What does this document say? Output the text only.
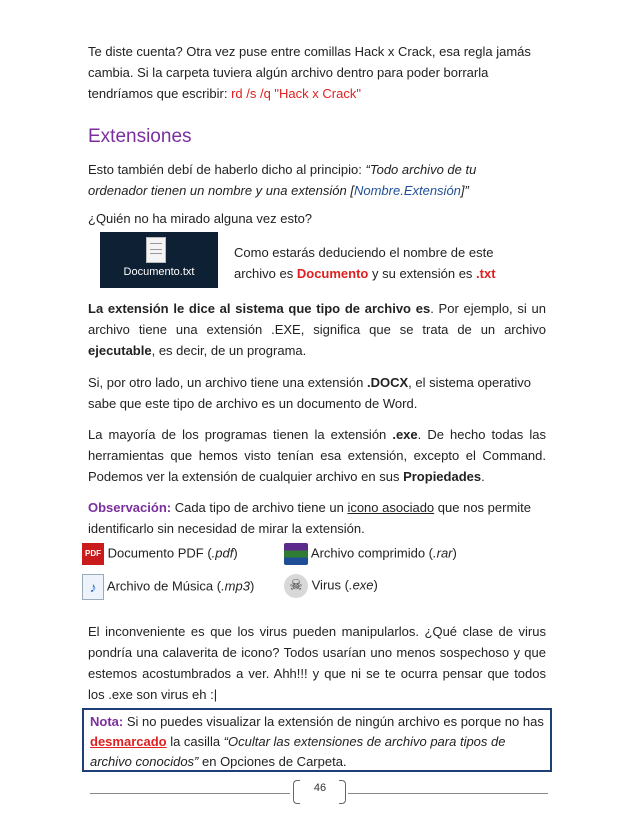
Te diste cuenta? Otra vez puse entre comillas Hack x Crack, esa regla jamás
cambia. Si la carpeta tuviera algún archivo dentro para poder borrarla
tendríamos que escribir: rd /s /q "Hack x Crack"
Extensiones
Esto también debí de haberlo dicho al principio: “Todo archivo de tu
ordenador tienen un nombre y una extensión [Nombre.Extensión]”
¿Quién no ha mirado alguna vez esto?
Documento.txt
Como estarás deduciendo el nombre de este
archivo es Documento y su extensión es .txt
La extensión le dice al sistema que tipo de archivo es. Por ejemplo, si un archivo tiene una extensión .EXE, significa que se trata de un archivo ejecutable, es decir, de un programa.
Si, por otro lado, un archivo tiene una extensión .DOCX, el sistema operativo sabe que este tipo de archivo es un documento de Word.
La mayoría de los programas tienen la extensión .exe. De hecho todas las herramientas que hemos visto tenían esa extensión, excepto el Command. Podemos ver la extensión de cualquier archivo en sus Propiedades.
Observación: Cada tipo de archivo tiene un icono asociado que nos permite identificarlo sin necesidad de mirar la extensión.
PDF Documento PDF (.pdf)	Archivo comprimido (.rar)
♪ Archivo de Música (.mp3)	☠ Virus (.exe)
El inconveniente es que los virus pueden manipularlos. ¿Qué clase de virus pondría una calaverita de icono? Todos usarían uno menos sospechoso y que estemos acostumbrados a ver. Ahh!!! y que ni se te ocurra pensar que todos los .exe son virus eh :|
Nota: Si no puedes visualizar la extensión de ningún archivo es porque no has desmarcado la casilla “Ocultar las extensiones de archivo para tipos de archivo conocidos” en Opciones de Carpeta.
46
